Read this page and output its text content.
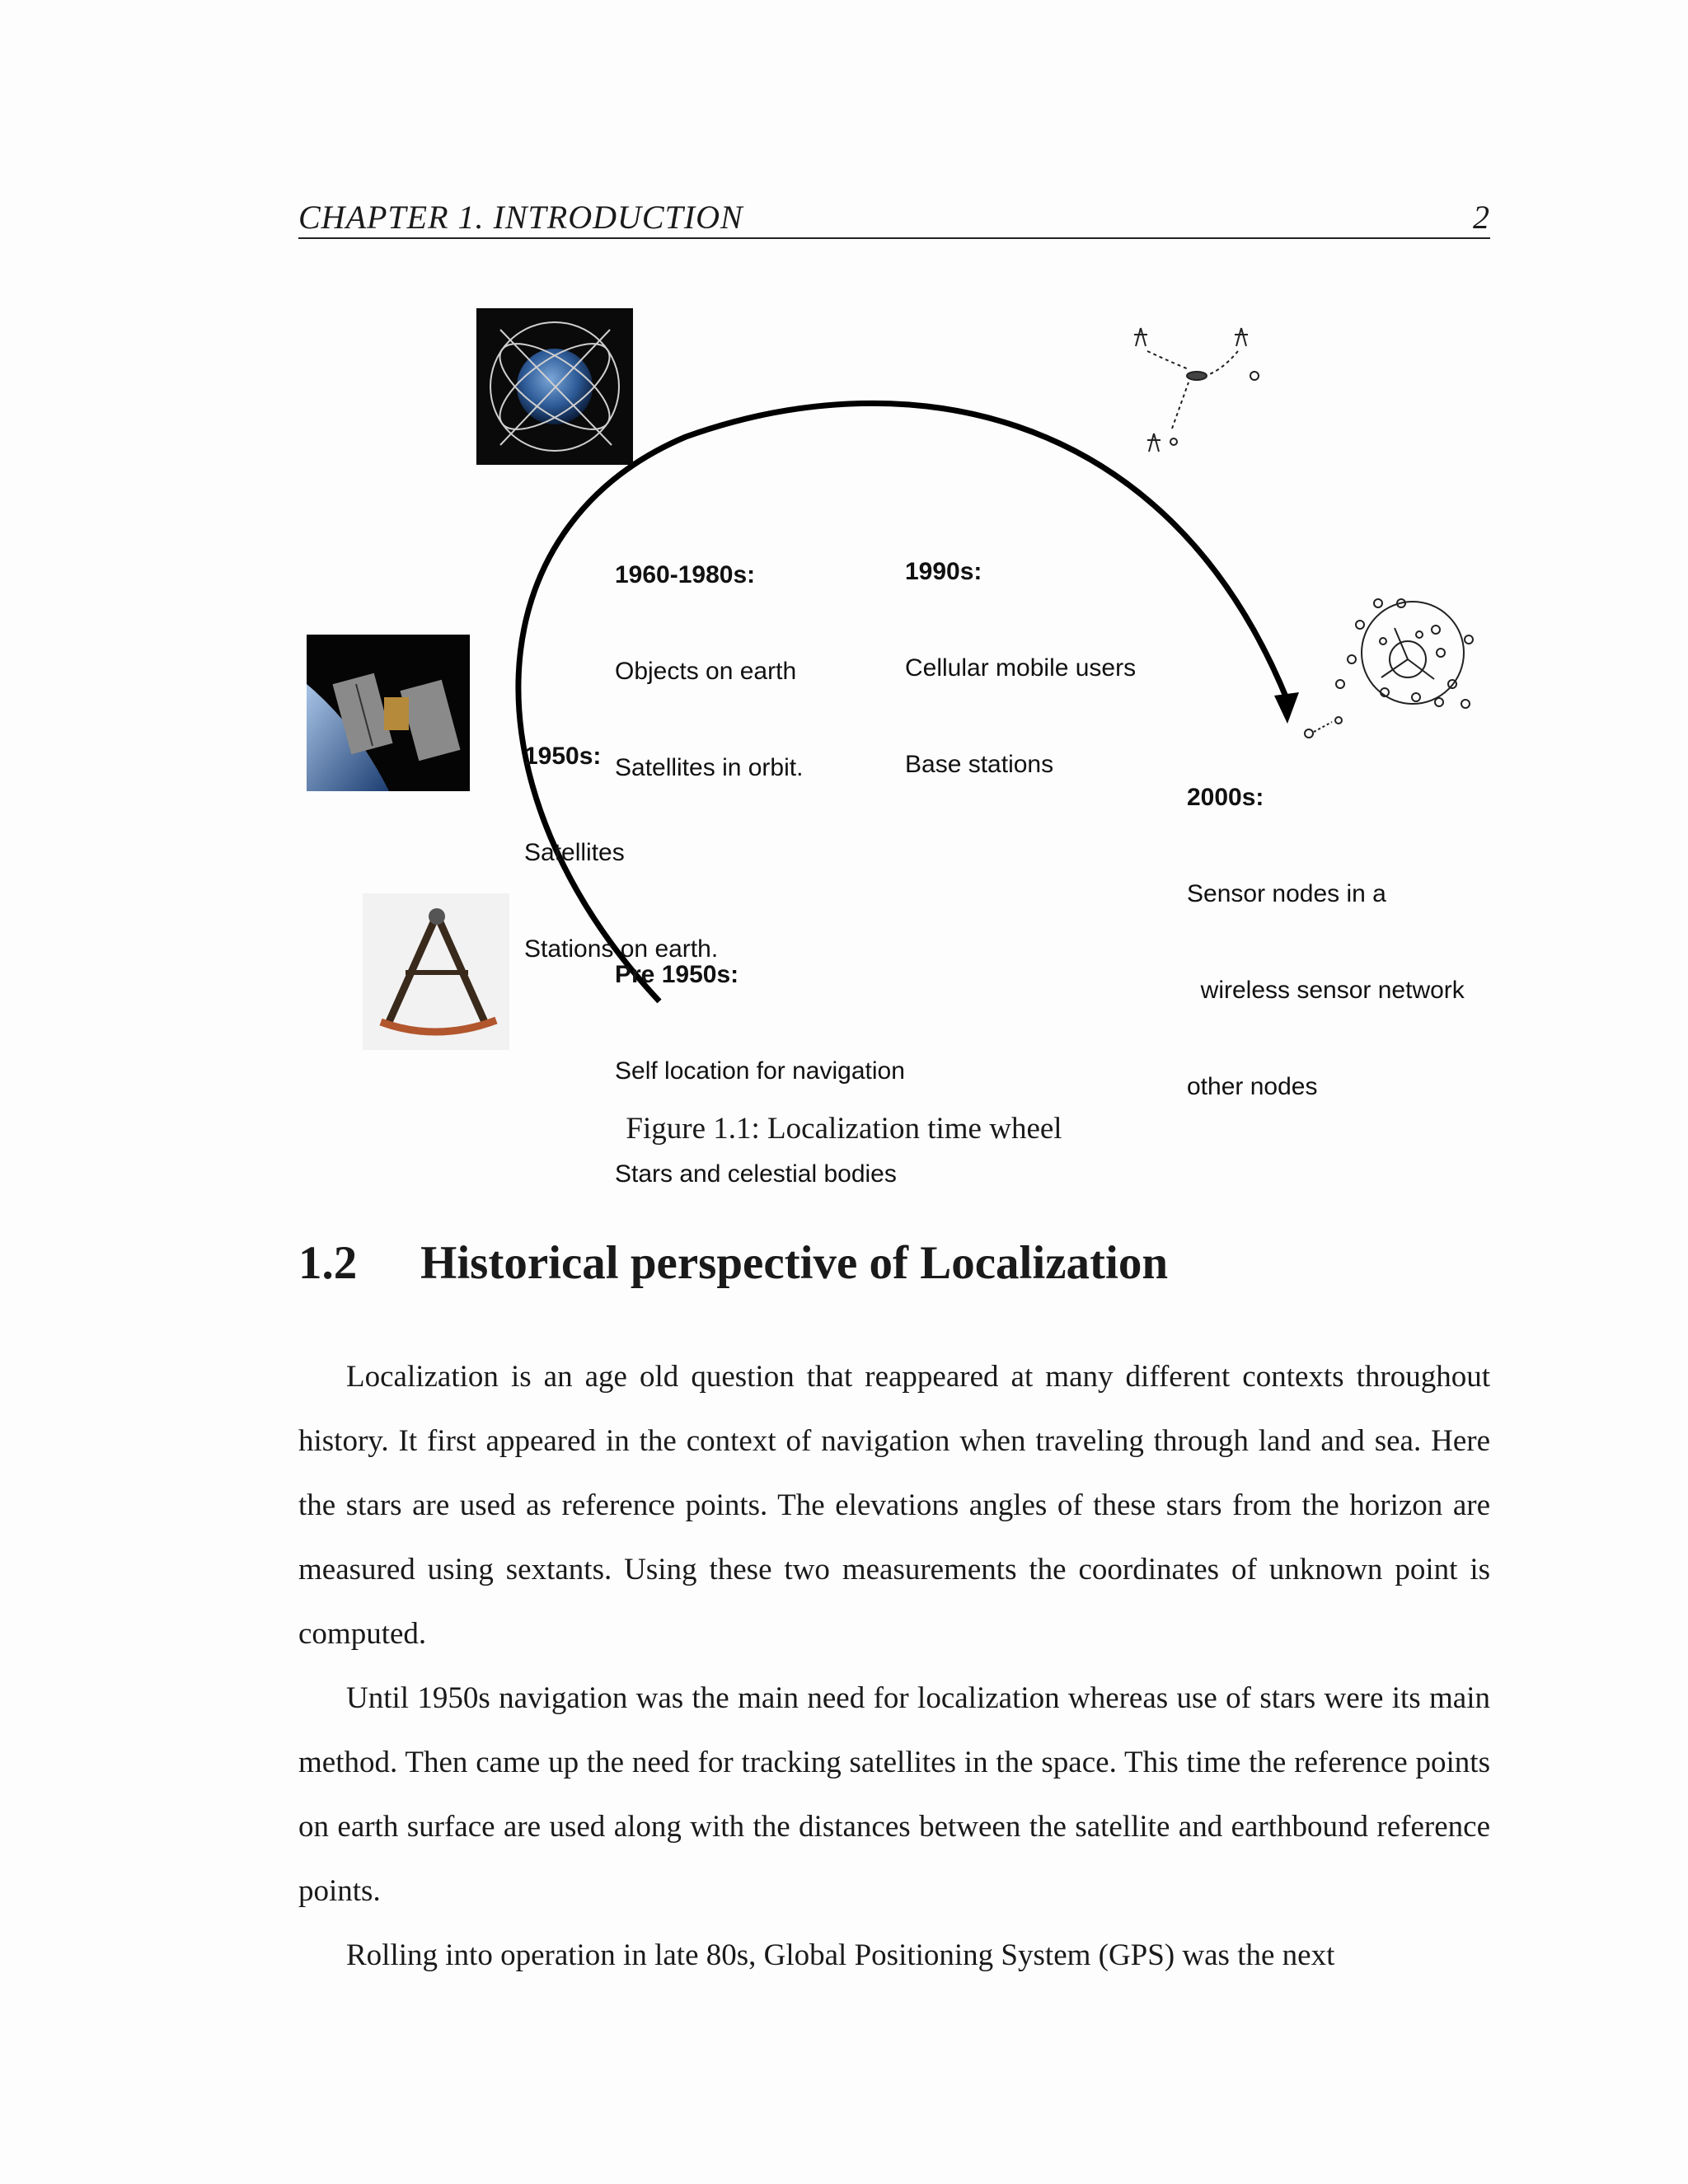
CHAPTER 1. INTRODUCTION	2

Pre 1950s:

Self location for navigation

Stars and celestial bodies

1950s:

Satellites

Stations on earth.

1960-1980s:

Objects on earth

Satellites in orbit.

1990s:

Cellular mobile users

Base stations

2000s:

Sensor nodes in a

wireless sensor network

other nodes

Figure 1.1: Localization time wheel
1.2 Historical perspective of Localization

Localization is an age old question that reappeared at many different contexts throughout history. It first appeared in the context of navigation when traveling through land and sea. Here the stars are used as reference points. The elevations angles of these stars from the horizon are measured using sextants. Using these two measurements the coordinates of unknown point is computed.

Until 1950s navigation was the main need for localization whereas use of stars were its main method. Then came up the need for tracking satellites in the space. This time the reference points on earth surface are used along with the distances between the satellite and earthbound reference points.

Rolling into operation in late 80s, Global Positioning System (GPS) was the next
